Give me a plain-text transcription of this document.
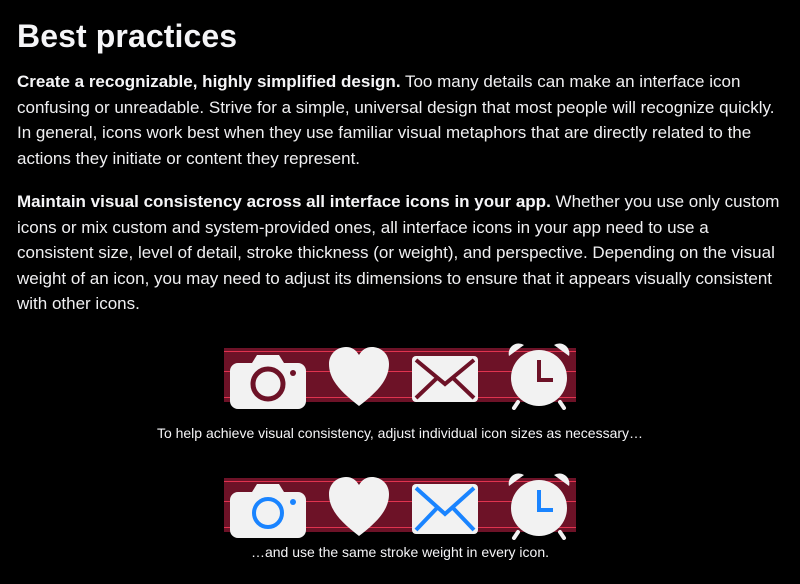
Best practices

Create a recognizable, highly simplified design. Too many details can make an interface icon confusing or unreadable. Strive for a simple, universal design that most people will recognize quickly. In general, icons work best when they use familiar visual metaphors that are directly related to the actions they initiate or content they represent.

Maintain visual consistency across all interface icons in your app. Whether you use only custom icons or mix custom and system-provided ones, all interface icons in your app need to use a consistent size, level of detail, stroke thickness (or weight), and perspective. Depending on the visual weight of an icon, you may need to adjust its dimensions to ensure that it appears visually consistent with other icons.

To help achieve visual consistency, adjust individual icon sizes as necessary…
…and use the same stroke weight in every icon.
